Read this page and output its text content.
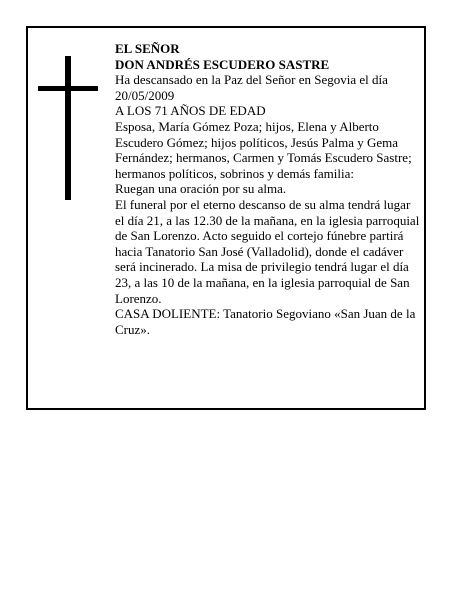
EL SEÑOR

DON ANDRÉS ESCUDERO SASTRE

Ha descansado en la Paz del Señor en Segovia el día 20/05/2009

A LOS 71 AÑOS DE EDAD

Esposa, María Gómez Poza; hijos, Elena y Alberto Escudero Gómez; hijos políticos, Jesús Palma y Gema Fernández; hermanos, Carmen y Tomás Escudero Sastre; hermanos políticos, sobrinos y demás familia:

Ruegan una oración por su alma.

El funeral por el eterno descanso de su alma tendrá lugar el día 21, a las 12.30 de la mañana, en la iglesia parroquial de San Lorenzo. Acto seguido el cortejo fúnebre partirá hacia Tanatorio San José (Valladolid), donde el cadáver será incinerado. La misa de privilegio tendrá lugar el día 23, a las 10 de la mañana, en la iglesia parroquial de San Lorenzo.

CASA DOLIENTE: Tanatorio Segoviano «San Juan de la Cruz».
